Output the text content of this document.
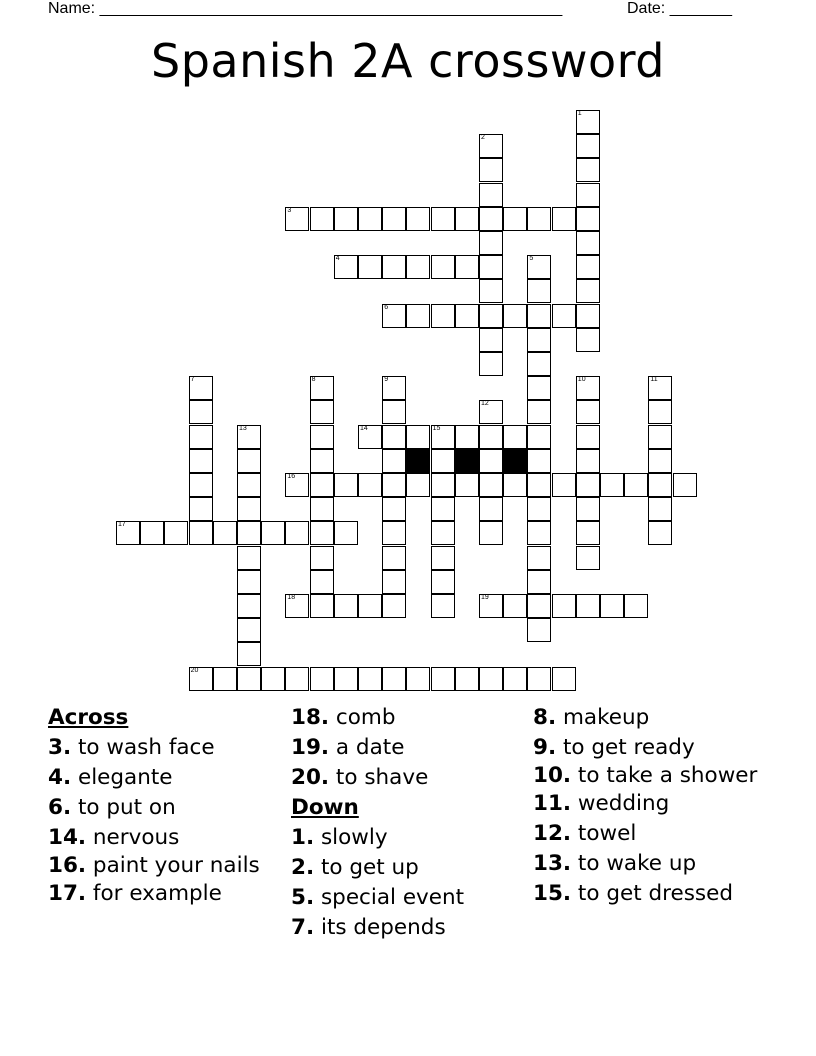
Name: ____________________________________________________	Date: _______
Spanish 2A crossword
1
2
3
4	5
6
7	8	9	10	11
12
13	14	15
16
17
18	19
20
Across
3. to wash face
4. elegante
6. to put on
14. nervous
16. paint your nails
17. for example
18. comb
19. a date
20. to shave
Down
1. slowly
2. to get up
5. special event
7. its depends
8. makeup
9. to get ready
10. to take a shower
11. wedding
12. towel
13. to wake up
15. to get dressed
